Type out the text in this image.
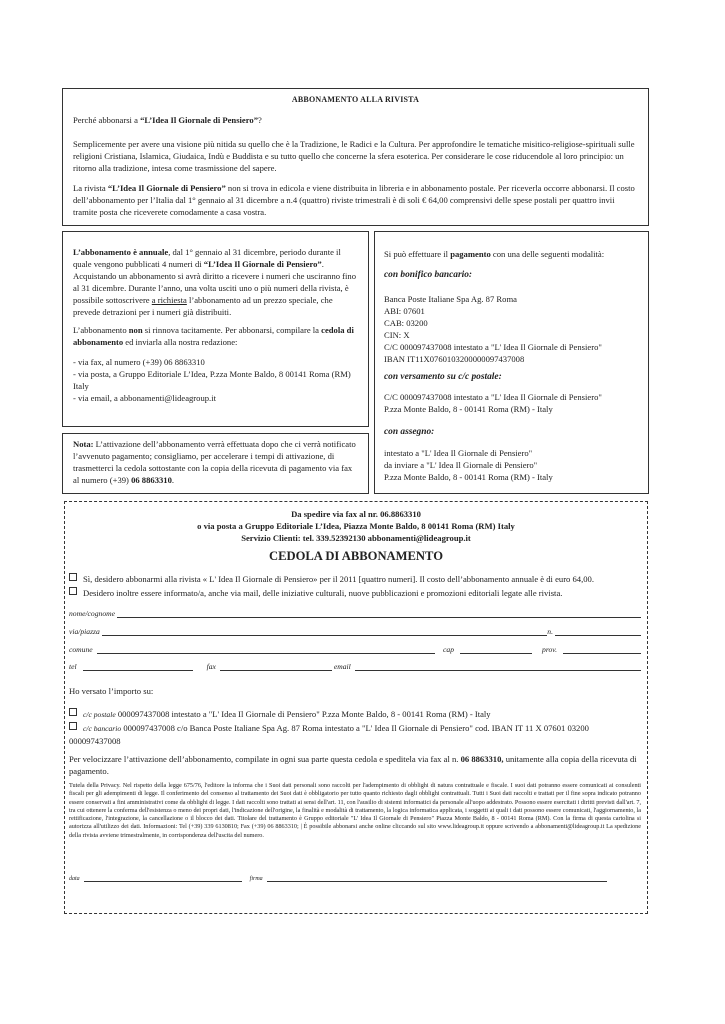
ABBONAMENTO ALLA RIVISTA

Perché abbonarsi a “L’Idea Il Giornale di Pensiero”?

Semplicemente per avere una visione più nitida su quello che è la Tradizione, le Radici e la Cultura. Per approfondire le tematiche misitico-religiose-spirituali sulle religioni Cristiana, Islamica, Giudaica, Indù e Buddista e su tutto quello che concerne la sfera esoterica. Per considerare le cose riducendole al loro principio: un ritorno alla tradizione, intesa come trasmissione del sapere.

La rivista “L’Idea Il Giornale di Pensiero” non si trova in edicola e viene distribuita in libreria e in abbonamento postale. Per riceverla occorre abbonarsi. Il costo dell’abbonamento per l’Italia dal 1° gennaio al 31 dicembre a n.4 (quattro) riviste trimestrali è di soli € 64,00 comprensivi delle spese postali per quattro invii tramite posta che riceverete comodamente a casa vostra.

L’abbonamento è annuale, dal 1° gennaio al 31 dicembre, periodo durante il quale vengono pubblicati 4 numeri di “L’Idea Il Giornale di Pensiero”. Acquistando un abbonamento si avrà diritto a ricevere i numeri che usciranno fino al 31 dicembre. Durante l’anno, una volta usciti uno o più numeri della rivista, è possibile sottoscrivere a richiesta l’abbonamento ad un prezzo speciale, che prevede detrazioni per i numeri già distribuiti.

L’abbonamento non si rinnova tacitamente. Per abbonarsi, compilare la cedola di abbonamento ed inviarla alla nostra redazione:

- via fax, al numero (+39) 06 8863310

- via posta, a Gruppo Editoriale L’Idea, P.zza Monte Baldo, 8 00141 Roma (RM) Italy

- via email, a abbonamenti@lideagroup.it

Nota: L’attivazione dell’abbonamento verrà effettuata dopo che ci verrà notificato l’avvenuto pagamento; consigliamo, per accelerare i tempi di attivazione, di trasmetterci la cedola sottostante con la copia della ricevuta di pagamento via fax al numero (+39) 06 8863310.

Si può effettuare il pagamento con una delle seguenti modalità:

con bonifico bancario:

Banca Poste Italiane Spa Ag. 87 Roma

ABI: 07601

CAB: 03200

CIN: X

C/C 000097437008 intestato a "L' Idea Il Giornale di Pensiero"

IBAN IT11X0760103200000097437008

con versamento su c/c postale:

C/C 000097437008 intestato a "L' Idea Il Giornale di Pensiero"

P.zza Monte Baldo, 8 - 00141 Roma (RM) - Italy

con assegno:

intestato a "L' Idea Il Giornale di Pensiero"

da inviare a "L' Idea Il Giornale di Pensiero"

P.zza Monte Baldo, 8 - 00141 Roma (RM) - Italy

Da spedire via fax al nr. 06.8863310

o via posta a Gruppo Editoriale L’Idea, Piazza Monte Baldo, 8 00141 Roma (RM) Italy

Servizio Clienti: tel. 339.52392130 abbonamenti@lideagroup.it

CEDOLA DI ABBONAMENTO

Sì, desidero abbonarmi alla rivista « L' Idea Il Giornale di Pensiero» per il 2011 [quattro numeri]. Il costo dell’abbonamento annuale è di euro 64,00.

Desidero inoltre essere informato/a, anche via mail, delle iniziative culturali, nuove pubblicazioni e promozioni editoriali legate alle rivista.

nome/cognome
via/piazza	n.
comune	cap	prov.
tel	fax	email

Ho versato l’importo su:

c/c postale 000097437008 intestato a "L' Idea Il Giornale di Pensiero" P.zza Monte Baldo, 8 - 00141 Roma (RM) - Italy

c/c bancario 000097437008 c/o Banca Poste Italiane Spa Ag. 87 Roma intestato a "L' Idea Il Giornale di Pensiero" cod. IBAN IT 11 X 07601 03200 000097437008

Per velocizzare l’attivazione dell’abbonamento, compilate in ogni sua parte questa cedola e speditela via fax al n. 06 8863310, unitamente alla copia della ricevuta di pagamento.

Tutela della Privacy. Nel rispetto della legge 675/76, l'editore la informa che i Suoi dati personali sono raccolti per l'adempimento di obblighi di natura contrattuale e fiscale. I suoi dati potranno essere comunicati ai consulenti fiscali per gli adempimenti di legge. Il conferimento del consenso al trattamento dei Suoi dati è obbligatorio per tutto quanto richiesto dagli obblighi contrattuali. Tutti i Suoi dati raccolti e trattati per il fine sopra indicato potranno essere conservati a fini amministrativi come da obblighi di legge. I dati raccolti sono trattati ai sensi dell'art. 11, con l'ausilio di sistemi informatici da personale all'uopo addestrato. Possono essere esercitati i diritti previsti dall'art. 7, tra cui ottenere la conferma dell'esistenza o meno dei propri dati, l'indicazione dell'origine, la finalità e modalità di trattamento, la logica informatica applicata, i soggetti ai quali i dati possono essere comunicati, l'aggiornamento, la rettificazione, l'integrazione, la cancellazione o il blocco dei dati. Titolare del trattamento è Gruppo editoriale "L' Idea Il Giornale di Pensiero" Piazza Monte Baldo, 8 - 00141 Roma (RM). Con la firma di questa cartolina si autorizza all'utilizzo dei dati. Informazioni: Tel (+39) 339 6130810; Fax (+39) 06 8863310; | È possibile abbonarsi anche online cliccando sul sito www.lideagroup.it oppure scrivendo a abbonamenti@lideagroup.it La spedizione della rivista avviene trimestralmente, in corrispondenza dell'uscita del numero.

data	firma
